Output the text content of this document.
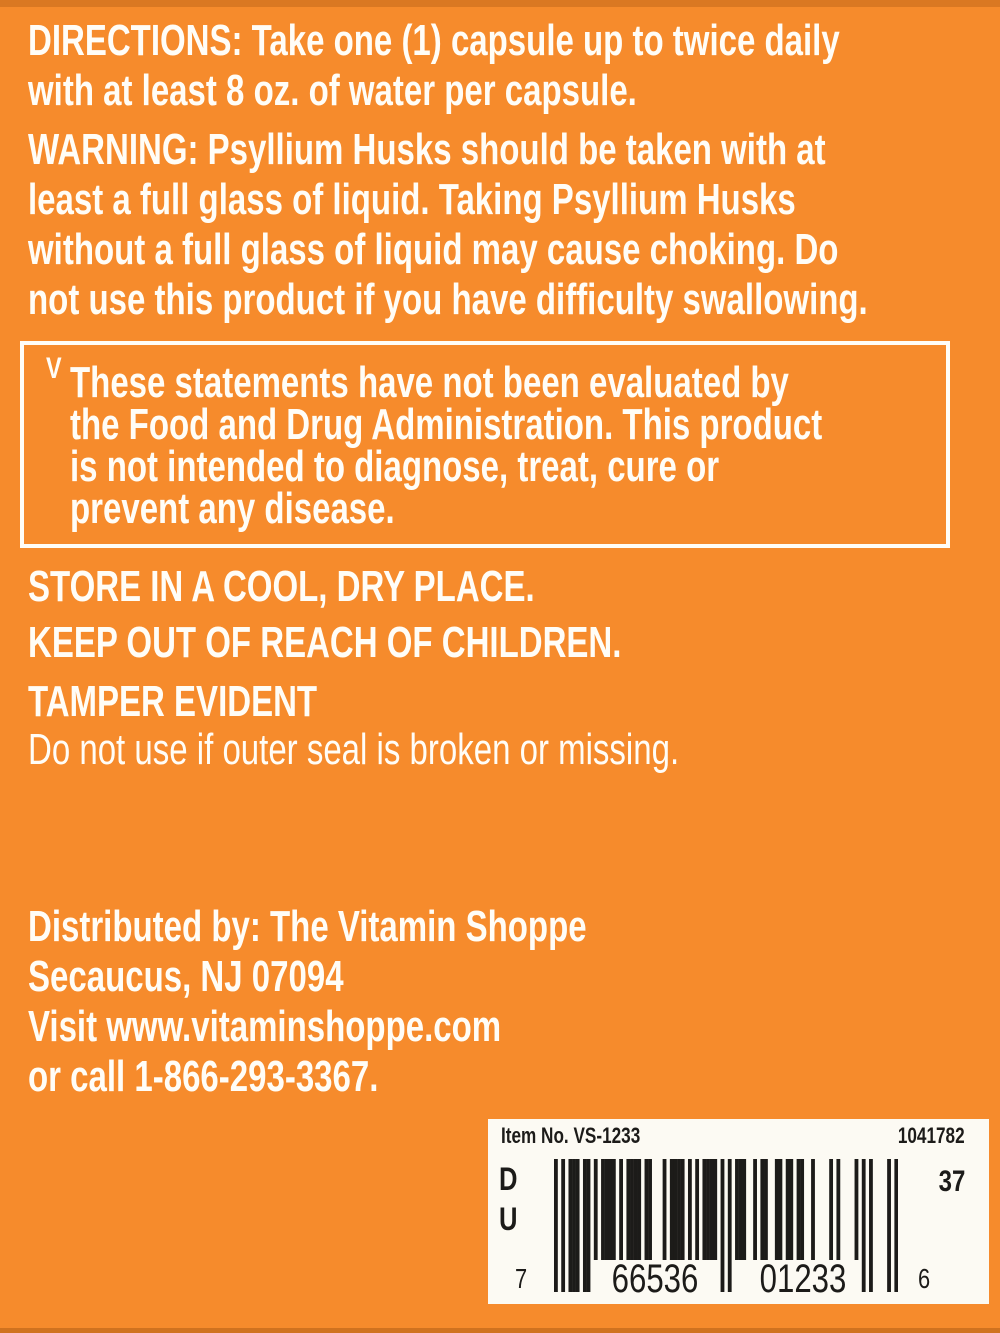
DIRECTIONS: Take one (1) capsule up to twice daily
with at least 8 oz. of water per capsule.
WARNING: Psyllium Husks should be taken with at
least a full glass of liquid. Taking Psyllium Husks
without a full glass of liquid may cause choking. Do
not use this product if you have difficulty swallowing.
V These statements have not been evaluated by
the Food and Drug Administration. This product
is not intended to diagnose, treat, cure or
prevent any disease.
STORE IN A COOL, DRY PLACE.
KEEP OUT OF REACH OF CHILDREN.
TAMPER EVIDENT
Do not use if outer seal is broken or missing.
Distributed by: The Vitamin Shoppe
Secaucus, NJ 07094
Visit www.vitaminshoppe.com
or call 1-866-293-3367.
Item No. VS-1233	1041782
D
U
37
7 66536 01233	6
